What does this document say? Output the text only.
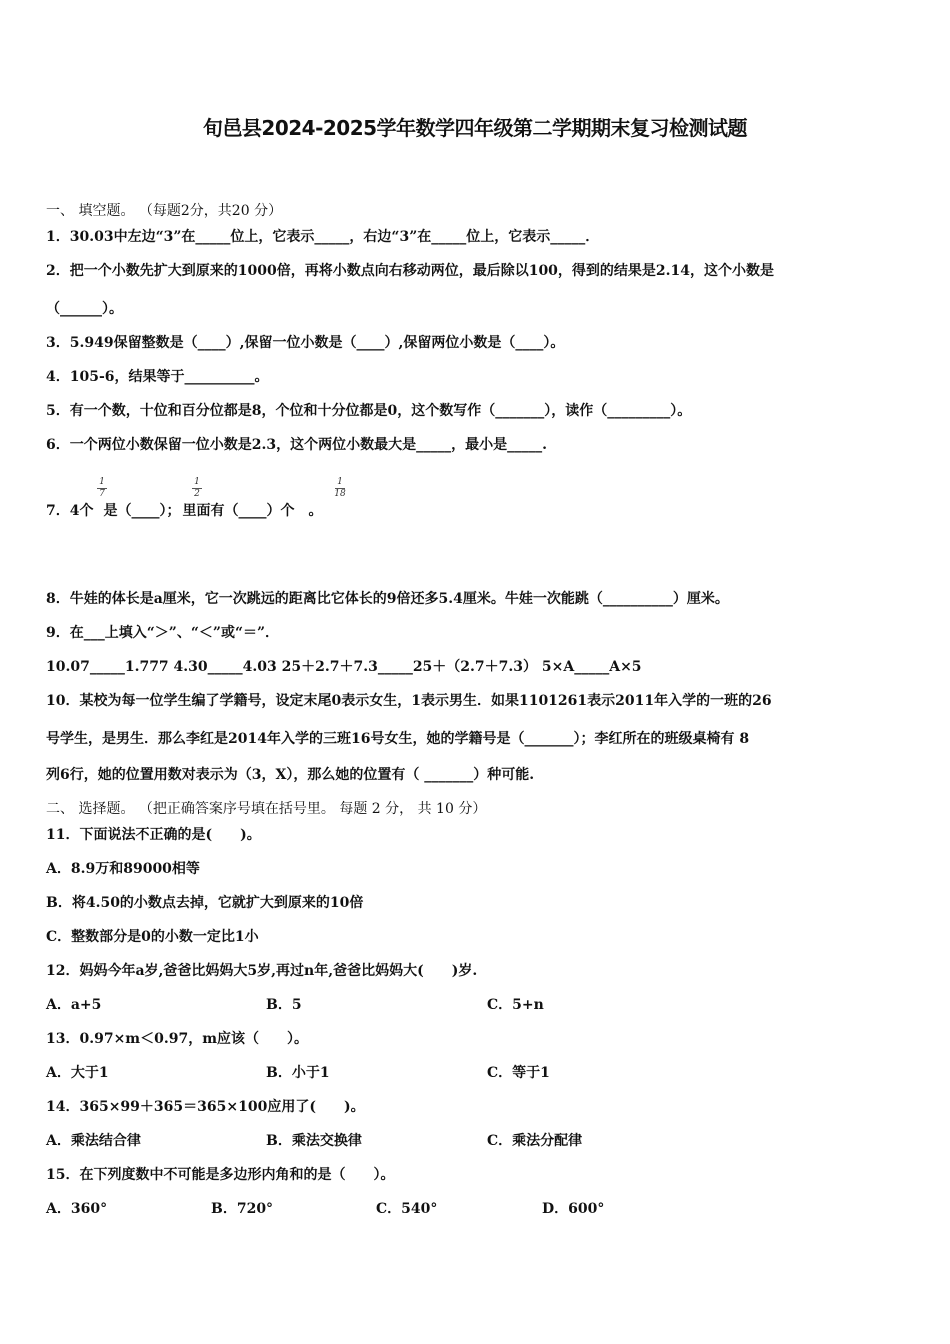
旬邑县2024-2025学年数学四年级第二学期期末复习检测试题
一、 填空题。 （每题2分，共20 分）
1．30.03中左边“3”在_____位上，它表示_____，右边“3”在_____位上，它表示_____．
2．把一个小数先扩大到原来的1000倍，再将小数点向右移动两位，最后除以100，得到的结果是2.14，这个小数是
（______）。
3．5.949保留整数是（____）,保留一位小数是（____）,保留两位小数是（____）。
4．105-6，结果等于__________。
5．有一个数，十位和百分位都是8，个位和十分位都是0，这个数写作（_______），读作（_________）。
6．一个两位小数保留一位小数是2.3，这个两位小数最大是_____，最小是_____.
7．4个 是（____）； 里面有（____）个 。
1
7
1
2
1
18
8．牛娃的体长是a厘米，它一次跳远的距离比它体长的9倍还多5.4厘米。牛娃一次能跳（__________）厘米。
9．在___上填入“＞”、“＜”或“＝”．
10.07_____1.777 4.30_____4.03 25＋2.7＋7.3_____25＋（2.7＋7.3） 5×A_____A×5
10．某校为每一位学生编了学籍号，设定末尾0表示女生，1表示男生．如果1101261表示2011年入学的一班的26
号学生，是男生．那么李红是2014年入学的三班16号女生，她的学籍号是（_______）；李红所在的班级桌椅有 8
列6行，她的位置用数对表示为（3，X），那么她的位置有（ _______）种可能.
二、 选择题。 （把正确答案序号填在括号里。 每题 2 分， 共 10 分）
11．下面说法不正确的是(　　)。
A．8.9万和89000相等
B．将4.50的小数点去掉，它就扩大到原来的10倍
C．整数部分是0的小数一定比1小
12．妈妈今年a岁,爸爸比妈妈大5岁,再过n年,爸爸比妈妈大(　　)岁.
A．a+5	B．5	C．5+n
13．0.97×m＜0.97，m应该（　　）。
A．大于1	B．小于1	C．等于1
14．365×99＋365＝365×100应用了(　　)。
A．乘法结合律	B．乘法交换律	C．乘法分配律
15．在下列度数中不可能是多边形内角和的是（　　）。
A．360°	B．720°	C．540°	D．600°
